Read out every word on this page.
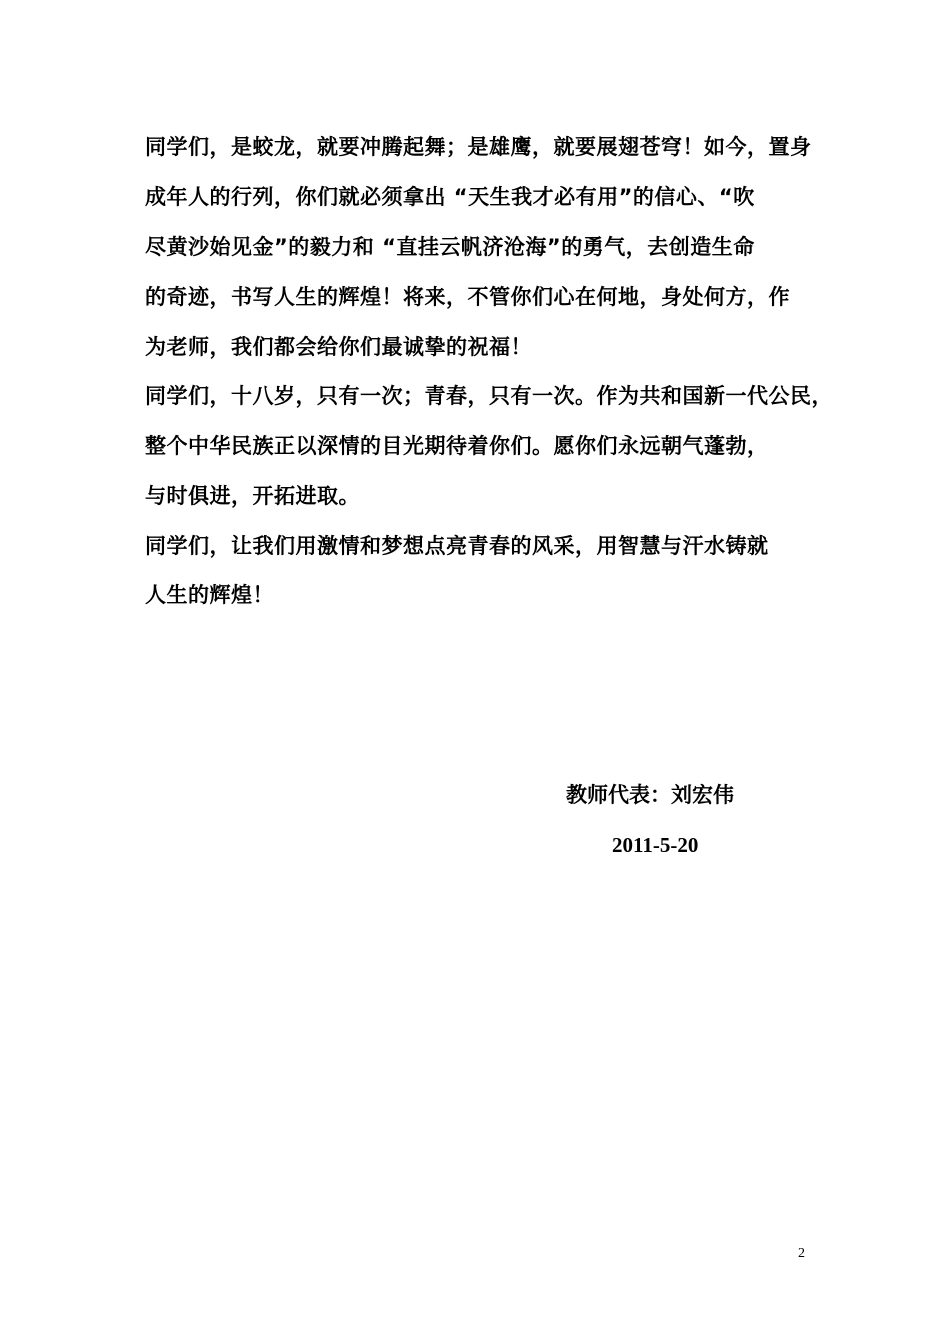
同学们，是蛟龙，就要冲腾起舞；是雄鹰，就要展翅苍穹！如今，置身
成年人的行列，你们就必须拿出 “天生我才必有用”的信心、“吹
尽黄沙始见金”的毅力和 “直挂云帆济沧海”的勇气，去创造生命
的奇迹，书写人生的辉煌！将来，不管你们心在何地，身处何方，作
为老师，我们都会给你们最诚挚的祝福！
同学们，十八岁，只有一次；青春，只有一次。作为共和国新一代公民，
整个中华民族正以深情的目光期待着你们。愿你们永远朝气蓬勃，
与时俱进，开拓进取。
同学们，让我们用激情和梦想点亮青春的风采，用智慧与汗水铸就
人生的辉煌！
教师代表：刘宏伟
2011-5-20
2
